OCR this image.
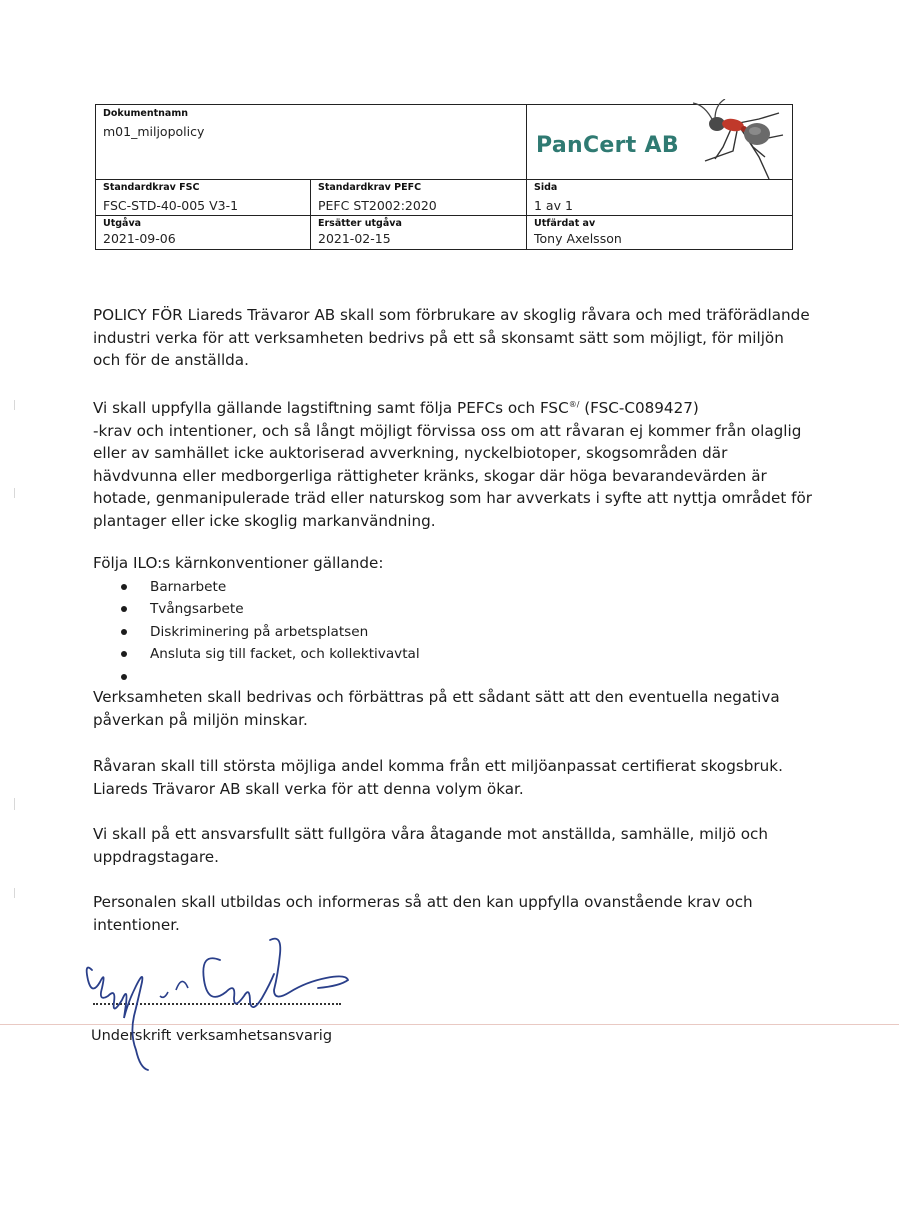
Dokumentnamn
m01_miljopolicy
PanCert AB
Standardkrav FSC
FSC-STD-40-005 V3-1
Standardkrav PEFC
PEFC ST2002:2020
Sida
1 av 1
Utgåva
2021-09-06
Ersätter utgåva
2021-02-15
Utfärdat av
Tony Axelsson

POLICY FÖR Liareds Trävaror AB skall som förbrukare av skoglig råvara och med träförädlande industri verka för att verksamheten bedrivs på ett så skonsamt sätt som möjligt, för miljön och för de anställda.

Vi skall uppfylla gällande lagstiftning samt följa PEFCs och FSC®/ (FSC-C089427)
-krav och intentioner, och så långt möjligt förvissa oss om att råvaran ej kommer från olaglig eller av samhället icke auktoriserad avverkning, nyckelbiotoper, skogsområden där hävdvunna eller medborgerliga rättigheter kränks, skogar där höga bevarandevärden är hotade, genmanipulerade träd eller naturskog som har avverkats i syfte att nyttja området för plantager eller icke skoglig markanvändning.

Följa ILO:s kärnkonventioner gällande:

Barnarbete
Tvångsarbete
Diskriminering på arbetsplatsen
Ansluta sig till facket, och kollektivavtal

Verksamheten skall bedrivas och förbättras på ett sådant sätt att den eventuella negativa påverkan på miljön minskar.

Råvaran skall till största möjliga andel komma från ett miljöanpassat certifierat skogsbruk. Liareds Trävaror AB skall verka för att denna volym ökar.

Vi skall på ett ansvarsfullt sätt fullgöra våra åtagande mot anställda, samhälle, miljö och uppdragstagare.

Personalen skall utbildas och informeras så att den kan uppfylla ovanstående krav och intentioner.

Underskrift verksamhetsansvarig
